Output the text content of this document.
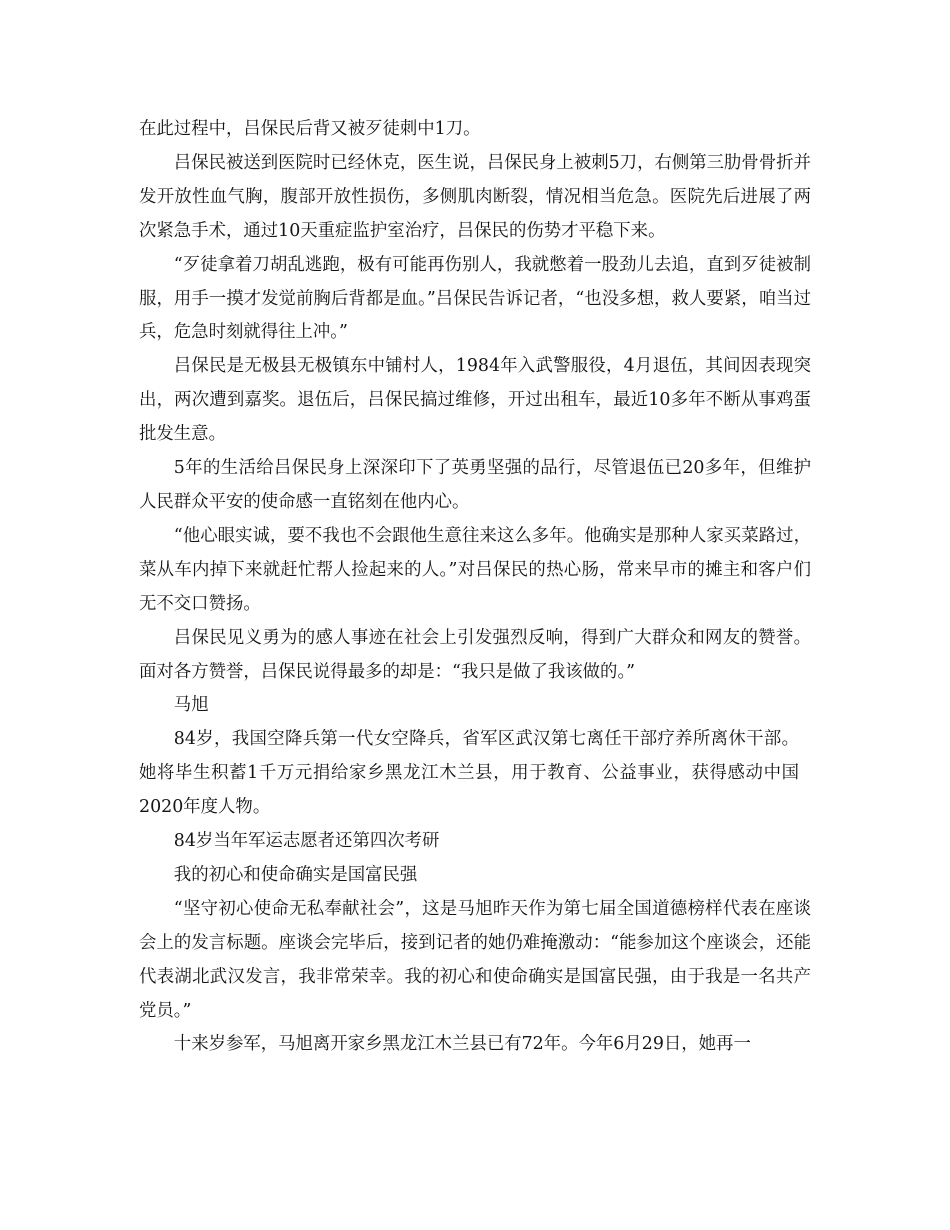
在此过程中，吕保民后背又被歹徒刺中1刀。

吕保民被送到医院时已经休克，医生说，吕保民身上被刺5刀，右侧第三肋骨骨折并发开放性血气胸，腹部开放性损伤，多侧肌肉断裂，情况相当危急。医院先后进展了两次紧急手术，通过10天重症监护室治疗，吕保民的伤势才平稳下来。

“歹徒拿着刀胡乱逃跑，极有可能再伤别人，我就憋着一股劲儿去追，直到歹徒被制服，用手一摸才发觉前胸后背都是血。”吕保民告诉记者，“也没多想，救人要紧，咱当过兵，危急时刻就得往上冲。”

吕保民是无极县无极镇东中铺村人，1984年入武警服役，4月退伍，其间因表现突出，两次遭到嘉奖。退伍后，吕保民搞过维修，开过出租车，最近10多年不断从事鸡蛋批发生意。

5年的生活给吕保民身上深深印下了英勇坚强的品行，尽管退伍已20多年，但维护人民群众平安的使命感一直铭刻在他内心。

“他心眼实诚，要不我也不会跟他生意往来这么多年。他确实是那种人家买菜路过，菜从车内掉下来就赶忙帮人捡起来的人。”对吕保民的热心肠，常来早市的摊主和客户们无不交口赞扬。

吕保民见义勇为的感人事迹在社会上引发强烈反响，得到广大群众和网友的赞誉。面对各方赞誉，吕保民说得最多的却是：“我只是做了我该做的。”

马旭

84岁，我国空降兵第一代女空降兵，省军区武汉第七离任干部疗养所离休干部。她将毕生积蓄1千万元捐给家乡黑龙江木兰县，用于教育、公益事业，获得感动中国2020年度人物。

84岁当年军运志愿者还第四次考研

我的初心和使命确实是国富民强

“坚守初心使命无私奉献社会”，这是马旭昨天作为第七届全国道德榜样代表在座谈会上的发言标题。座谈会完毕后，接到记者的她仍难掩激动：“能参加这个座谈会，还能代表湖北武汉发言，我非常荣幸。我的初心和使命确实是国富民强，由于我是一名共产党员。”

十来岁参军，马旭离开家乡黑龙江木兰县已有72年。今年6月29日，她再一
